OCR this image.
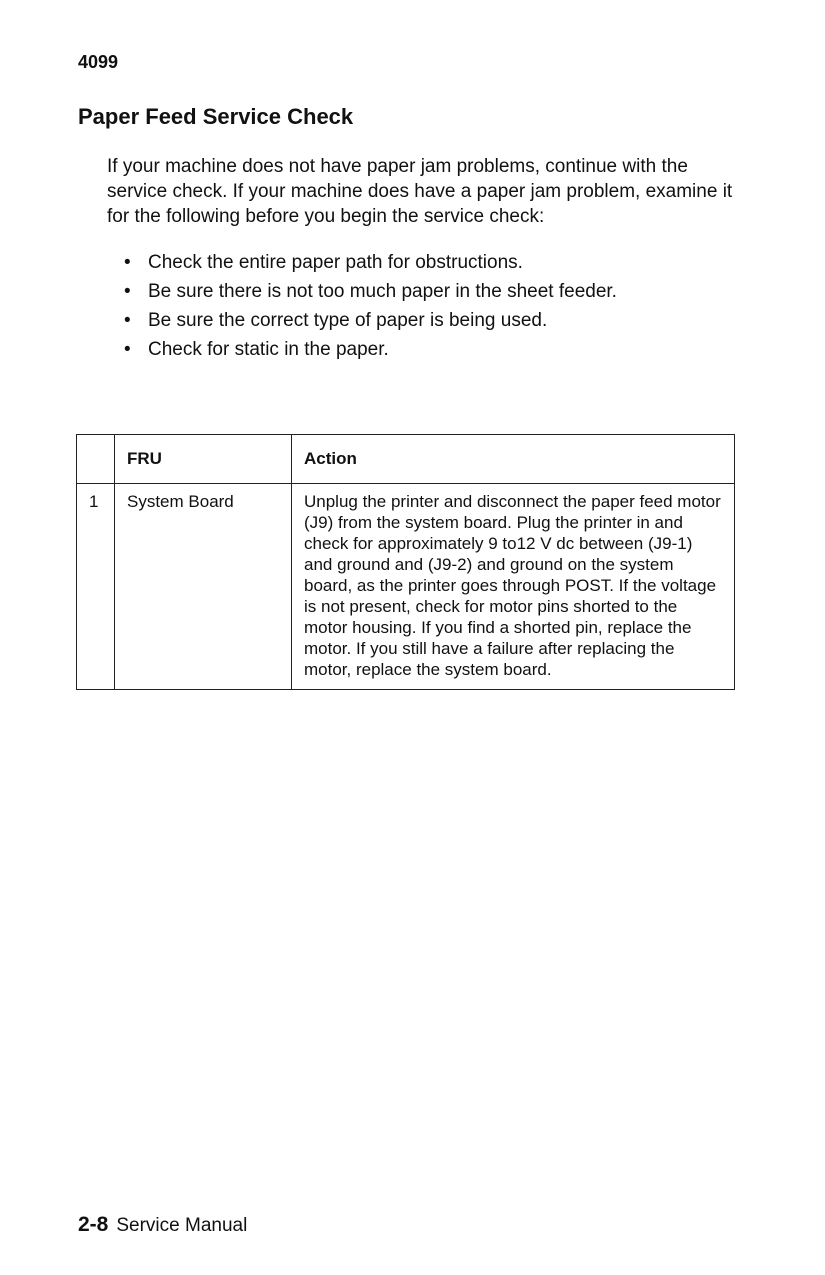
4099
Paper Feed Service Check

If your machine does not have paper jam problems, continue with the service check. If your machine does have a paper jam problem, examine it for the following before you begin the service check:

• Check the entire paper path for obstructions.
• Be sure there is not too much paper in the sheet feeder.
• Be sure the correct type of paper is being used.
• Check for static in the paper.
	FRU	Action
1	System Board	Unplug the printer and disconnect the paper feed motor (J9) from the system board. Plug the printer in and check for approximately 9 to12 V dc between (J9-1) and ground and (J9-2) and ground on the system board, as the printer goes through POST. If the voltage is not present, check for motor pins shorted to the motor housing. If you find a shorted pin, replace the motor. If you still have a failure after replacing the motor, replace the system board.
2-8 Service Manual
